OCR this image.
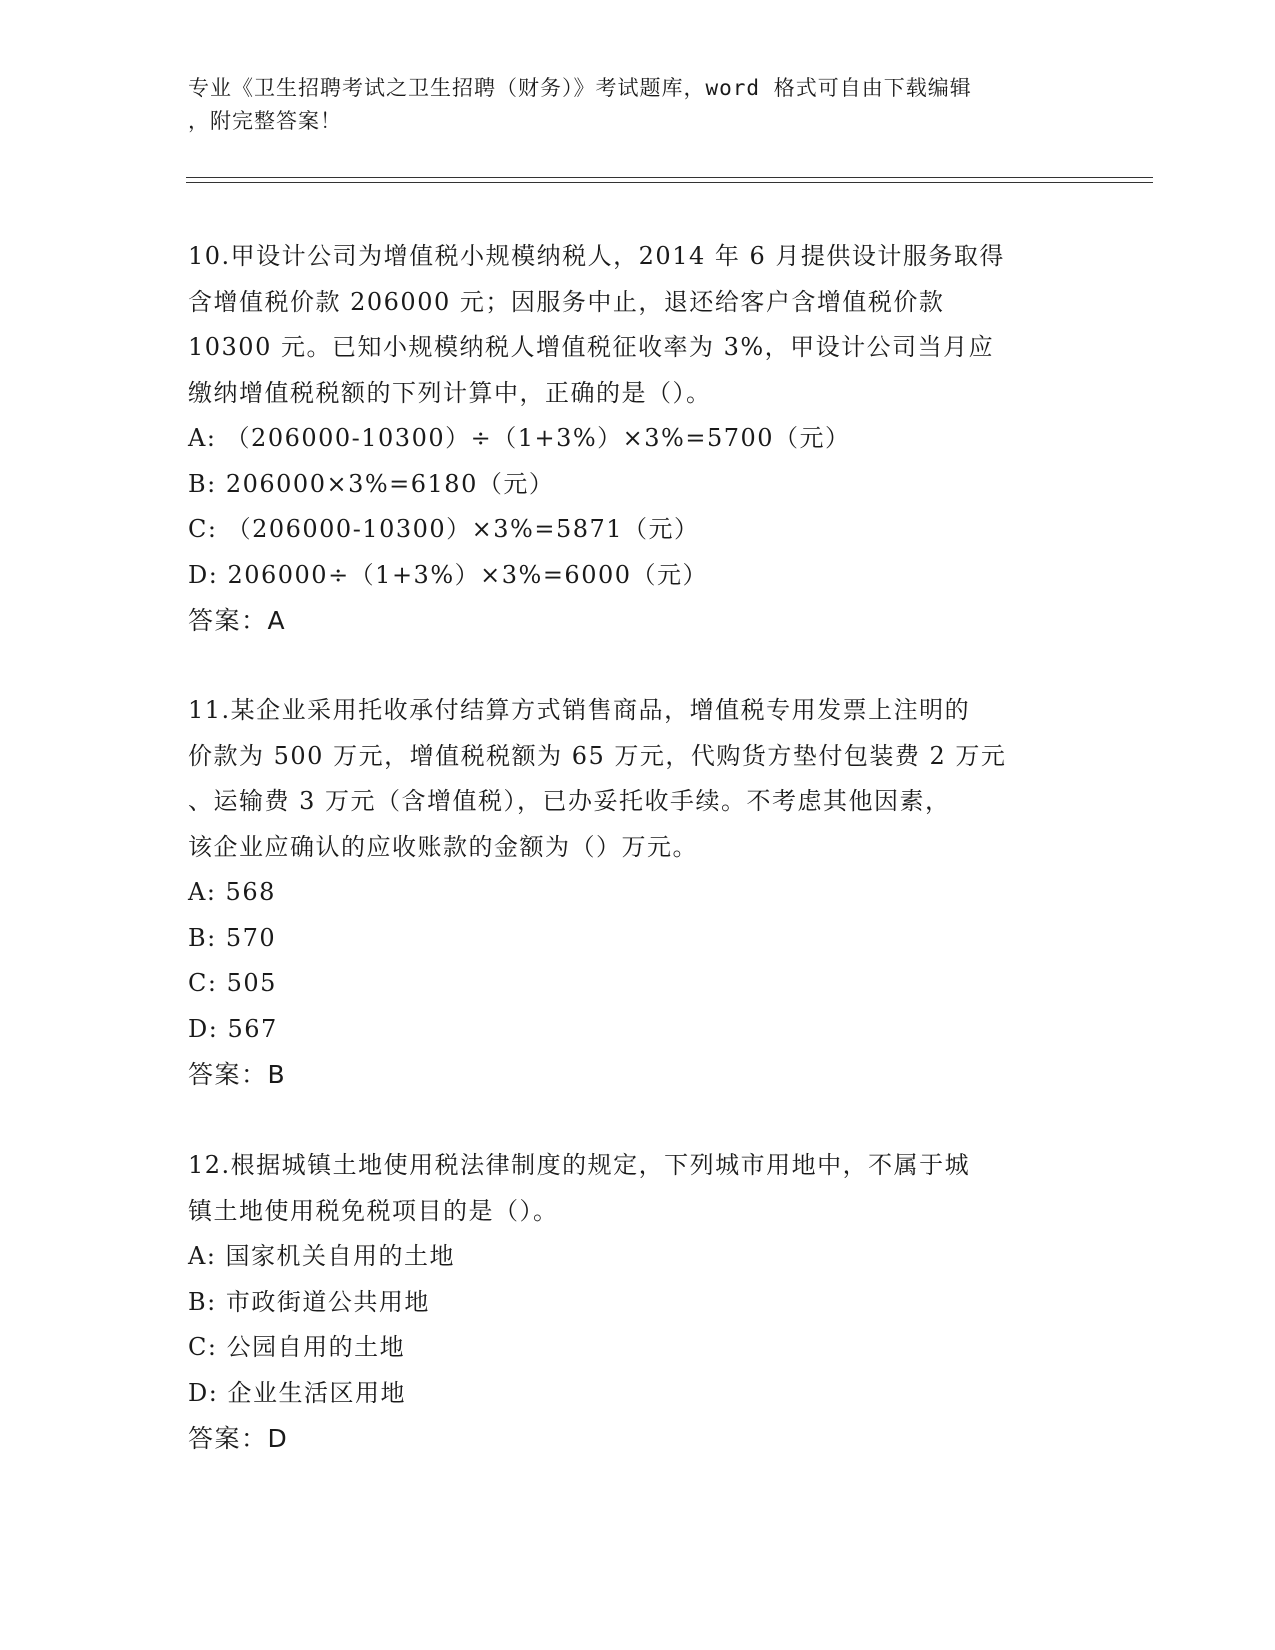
专业《卫生招聘考试之卫生招聘（财务）》考试题库，word 格式可自由下载编辑
，附完整答案！

10.甲设计公司为增值税小规模纳税人，2014 年 6 月提供设计服务取得

含增值税价款 206000 元；因服务中止，退还给客户含增值税价款

10300 元。已知小规模纳税人增值税征收率为 3%，甲设计公司当月应

缴纳增值税税额的下列计算中，正确的是（）。

A: （206000-10300）÷（1+3%）×3%=5700（元）

B: 206000×3%=6180（元）

C: （206000-10300）×3%=5871（元）

D: 206000÷（1+3%）×3%=6000（元）

答案：A

11.某企业采用托收承付结算方式销售商品，增值税专用发票上注明的

价款为 500 万元，增值税税额为 65 万元，代购货方垫付包装费 2 万元

、运输费 3 万元（含增值税），已办妥托收手续。不考虑其他因素，

该企业应确认的应收账款的金额为（）万元。

A: 568

B: 570

C: 505

D: 567

答案：B

12.根据城镇土地使用税法律制度的规定，下列城市用地中，不属于城

镇土地使用税免税项目的是（）。

A: 国家机关自用的土地

B: 市政街道公共用地

C: 公园自用的土地

D: 企业生活区用地

答案：D
